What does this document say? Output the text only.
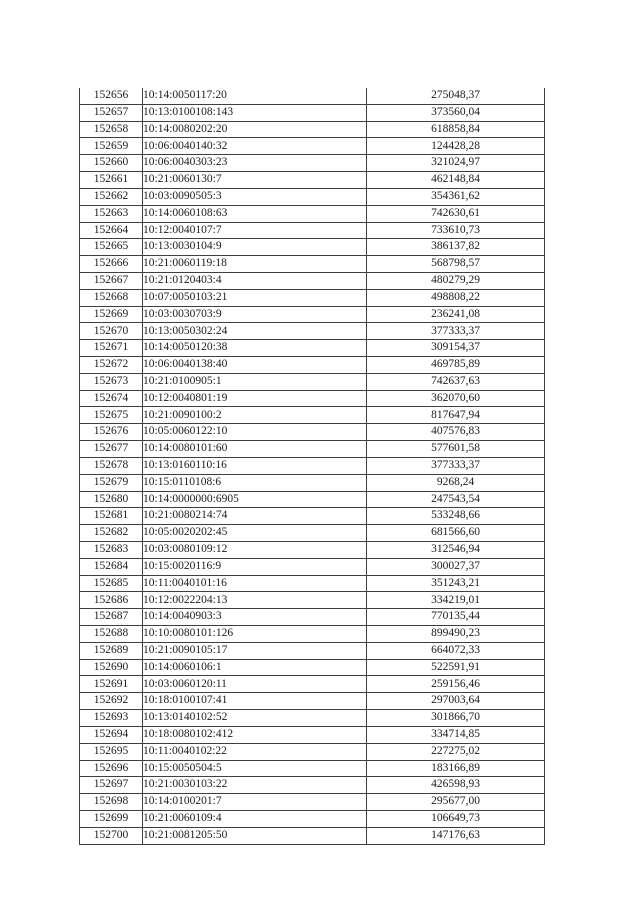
152656	10:14:0050117:20	275048,37
152657	10:13:0100108:143	373560,04
152658	10:14:0080202:20	618858,84
152659	10:06:0040140:32	124428,28
152660	10:06:0040303:23	321024,97
152661	10:21:0060130:7	462148,84
152662	10:03:0090505:3	354361,62
152663	10:14:0060108:63	742630,61
152664	10:12:0040107:7	733610,73
152665	10:13:0030104:9	386137,82
152666	10:21:0060119:18	568798,57
152667	10:21:0120403:4	480279,29
152668	10:07:0050103:21	498808,22
152669	10:03:0030703:9	236241,08
152670	10:13:0050302:24	377333,37
152671	10:14:0050120:38	309154,37
152672	10:06:0040138:40	469785,89
152673	10:21:0100905:1	742637,63
152674	10:12:0040801:19	362070,60
152675	10:21:0090100:2	817647,94
152676	10:05:0060122:10	407576,83
152677	10:14:0080101:60	577601,58
152678	10:13:0160110:16	377333,37
152679	10:15:0110108:6	9268,24
152680	10:14:0000000:6905	247543,54
152681	10:21:0080214:74	533248,66
152682	10:05:0020202:45	681566,60
152683	10:03:0080109:12	312546,94
152684	10:15:0020116:9	300027,37
152685	10:11:0040101:16	351243,21
152686	10:12:0022204:13	334219,01
152687	10:14:0040903:3	770135,44
152688	10:10:0080101:126	899490,23
152689	10:21:0090105:17	664072,33
152690	10:14:0060106:1	522591,91
152691	10:03:0060120:11	259156,46
152692	10:18:0100107:41	297003,64
152693	10:13:0140102:52	301866,70
152694	10:18:0080102:412	334714,85
152695	10:11:0040102:22	227275,02
152696	10:15:0050504:5	183166,89
152697	10:21:0030103:22	426598,93
152698	10:14:0100201:7	295677,00
152699	10:21:0060109:4	106649,73
152700	10:21:0081205:50	147176,63
